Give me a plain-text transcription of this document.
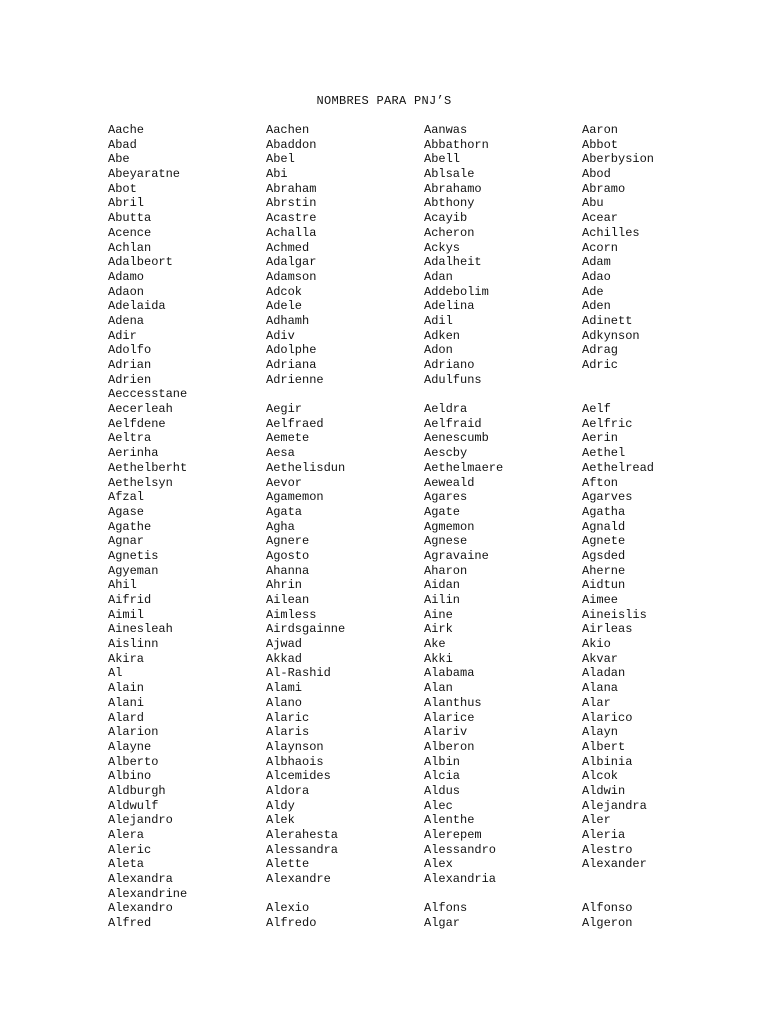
NOMBRES PARA PNJ’S
Aache	Aachen	Aanwas	Aaron
Abad	Abaddon	Abbathorn	Abbot
Abe	Abel	Abell	Aberbysion
Abeyaratne	Abi	Ablsale	Abod
Abot	Abraham	Abrahamo	Abramo
Abril	Abrstin	Abthony	Abu
Abutta	Acastre	Acayib	Acear
Acence	Achalla	Acheron	Achilles
Achlan	Achmed	Ackys	Acorn
Adalbeort	Adalgar	Adalheit	Adam
Adamo	Adamson	Adan	Adao
Adaon	Adcok	Addebolim	Ade
Adelaida	Adele	Adelina	Aden
Adena	Adhamh	Adil	Adinett
Adir	Adiv	Adken	Adkynson
Adolfo	Adolphe	Adon	Adrag
Adrian	Adriana	Adriano	Adric
Adrien	Adrienne	Adulfuns	
Aeccesstane			
Aecerleah	Aegir	Aeldra	Aelf
Aelfdene	Aelfraed	Aelfraid	Aelfric
Aeltra	Aemete	Aenescumb	Aerin
Aerinha	Aesa	Aescby	Aethel
Aethelberht	Aethelisdun	Aethelmaere	Aethelread
Aethelsyn	Aevor	Aeweald	Afton
Afzal	Agamemon	Agares	Agarves
Agase	Agata	Agate	Agatha
Agathe	Agha	Agmemon	Agnald
Agnar	Agnere	Agnese	Agnete
Agnetis	Agosto	Agravaine	Agsded
Agyeman	Ahanna	Aharon	Aherne
Ahil	Ahrin	Aidan	Aidtun
Aifrid	Ailean	Ailin	Aimee
Aimil	Aimless	Aine	Aineislis
Ainesleah	Airdsgainne	Airk	Airleas
Aislinn	Ajwad	Ake	Akio
Akira	Akkad	Akki	Akvar
Al	Al-Rashid	Alabama	Aladan
Alain	Alami	Alan	Alana
Alani	Alano	Alanthus	Alar
Alard	Alaric	Alarice	Alarico
Alarion	Alaris	Alariv	Alayn
Alayne	Alaynson	Alberon	Albert
Alberto	Albhaois	Albin	Albinia
Albino	Alcemides	Alcia	Alcok
Aldburgh	Aldora	Aldus	Aldwin
Aldwulf	Aldy	Alec	Alejandra
Alejandro	Alek	Alenthe	Aler
Alera	Alerahesta	Alerepem	Aleria
Aleric	Alessandra	Alessandro	Alestro
Aleta	Alette	Alex	Alexander
Alexandra	Alexandre	Alexandria	
Alexandrine			
Alexandro	Alexio	Alfons	Alfonso
Alfred	Alfredo	Algar	Algeron
